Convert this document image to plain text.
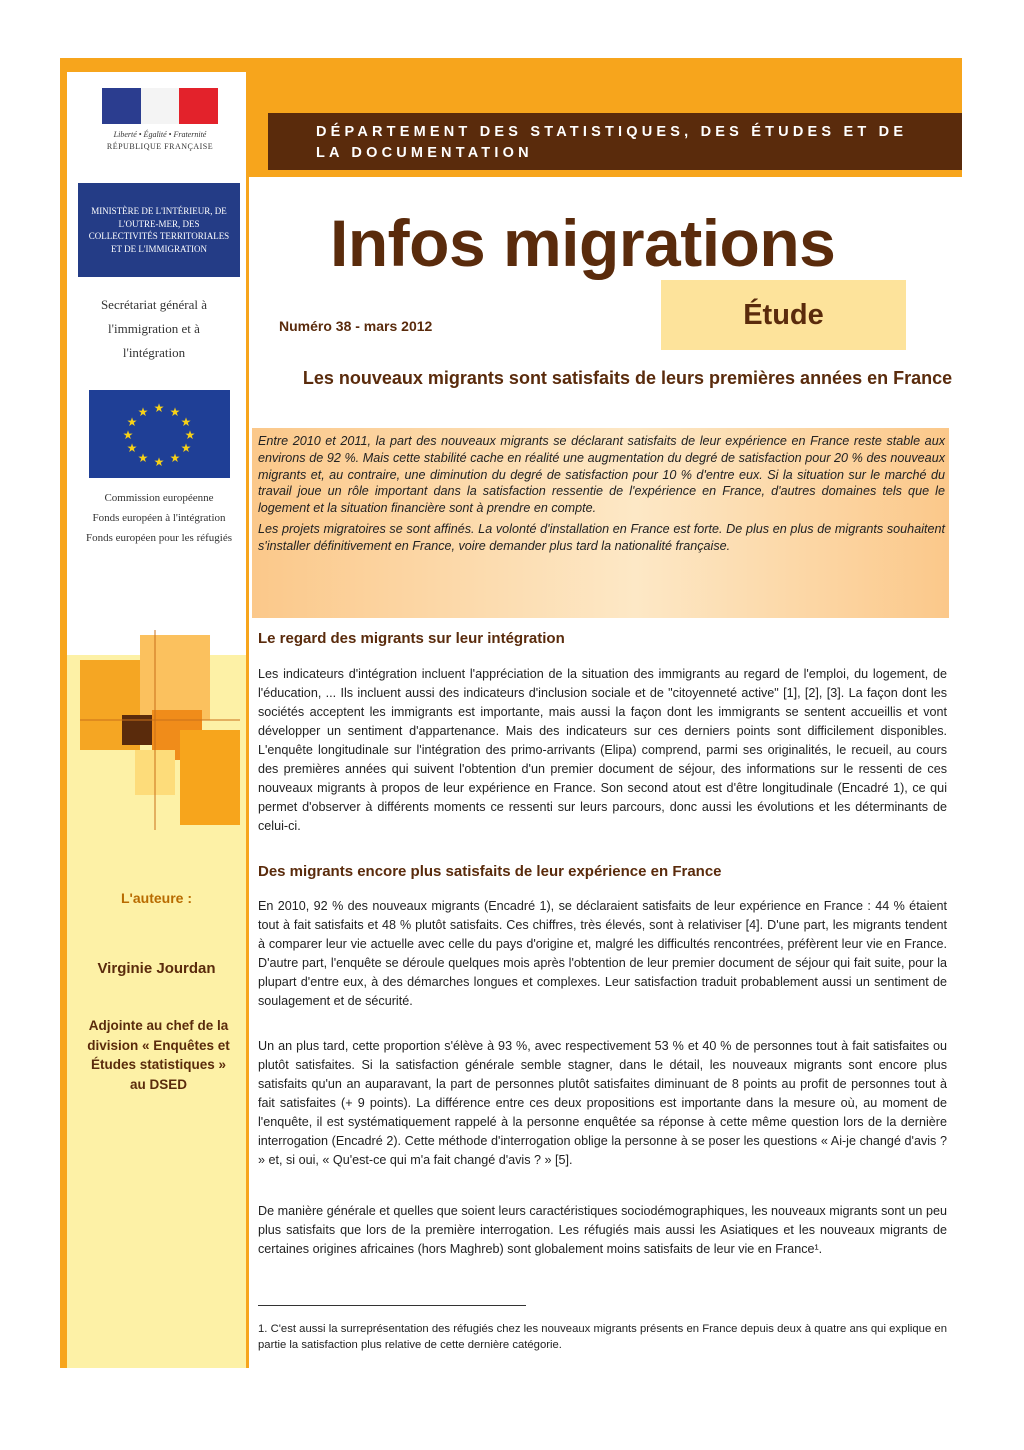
Liberté • Égalité • Fraternité
RÉPUBLIQUE FRANÇAISE
MINISTÈRE DE L'INTÉRIEUR, DE L'OUTRE-MER, DES COLLECTIVITÉS TERRITORIALES ET DE L'IMMIGRATION
Secrétariat général à l'immigration et à l'intégration
★ ★
★
★
★
★
★
★
★
★
★
★
Commission européenne
Fonds européen à l'intégration
Fonds européen pour les réfugiés
L'auteure :
Virginie Jourdan
Adjointe au chef de la division « Enquêtes et Études statistiques » au DSED
DÉPARTEMENT DES STATISTIQUES, DES ÉTUDES ET DE LA DOCUMENTATION
Infos migrations
Numéro 38 - mars 2012	Étude
Les nouveaux migrants sont satisfaits de leurs premières années en France

Entre 2010 et 2011, la part des nouveaux migrants se déclarant satisfaits de leur expérience en France reste stable aux environs de 92 %. Mais cette stabilité cache en réalité une augmentation du degré de satisfaction pour 20 % des nouveaux migrants et, au contraire, une diminution du degré de satisfaction pour 10 % d'entre eux. Si la situation sur le marché du travail joue un rôle important dans la satisfaction ressentie de l'expérience en France, d'autres domaines tels que le logement et la situation financière sont à prendre en compte.

Les projets migratoires se sont affinés. La volonté d'installation en France est forte. De plus en plus de migrants souhaitent s'installer définitivement en France, voire demander plus tard la nationalité française.

Le regard des migrants sur leur intégration

Les indicateurs d'intégration incluent l'appréciation de la situation des immigrants au regard de l'emploi, du logement, de l'éducation, ... Ils incluent aussi des indicateurs d'inclusion sociale et de "citoyenneté active" [1], [2], [3]. La façon dont les sociétés acceptent les immigrants est importante, mais aussi la façon dont les immigrants se sentent accueillis et vont développer un sentiment d'appartenance. Mais des indicateurs sur ces derniers points sont difficilement disponibles. L'enquête longitudinale sur l'intégration des primo-arrivants (Elipa) comprend, parmi ses originalités, le recueil, au cours des premières années qui suivent l'obtention d'un premier document de séjour, des informations sur le ressenti de ces nouveaux migrants à propos de leur expérience en France. Son second atout est d'être longitudinale (Encadré 1), ce qui permet d'observer à différents moments ce ressenti sur leurs parcours, donc aussi les évolutions et les déterminants de celui-ci.

Des migrants encore plus satisfaits de leur expérience en France

En 2010, 92 % des nouveaux migrants (Encadré 1), se déclaraient satisfaits de leur expérience en France : 44 % étaient tout à fait satisfaits et 48 % plutôt satisfaits. Ces chiffres, très élevés, sont à relativiser [4]. D'une part, les migrants tendent à comparer leur vie actuelle avec celle du pays d'origine et, malgré les difficultés rencontrées, préfèrent leur vie en France. D'autre part, l'enquête se déroule quelques mois après l'obtention de leur premier document de séjour qui fait suite, pour la plupart d'entre eux, à des démarches longues et complexes. Leur satisfaction traduit probablement aussi un sentiment de soulagement et de sécurité.

Un an plus tard, cette proportion s'élève à 93 %, avec respectivement 53 % et 40 % de personnes tout à fait satisfaites ou plutôt satisfaites. Si la satisfaction générale semble stagner, dans le détail, les nouveaux migrants sont encore plus satisfaits qu'un an auparavant, la part de personnes plutôt satisfaites diminuant de 8 points au profit de personnes tout à fait satisfaites (+ 9 points). La différence entre ces deux propositions est importante dans la mesure où, au moment de l'enquête, il est systématiquement rappelé à la personne enquêtée sa réponse à cette même question lors de la dernière interrogation (Encadré 2). Cette méthode d'interrogation oblige la personne à se poser les questions « Ai-je changé d'avis ? » et, si oui, « Qu'est-ce qui m'a fait changé d'avis ? » [5].

De manière générale et quelles que soient leurs caractéristiques sociodémographiques, les nouveaux migrants sont un peu plus satisfaits que lors de la première interrogation. Les réfugiés mais aussi les Asiatiques et les nouveaux migrants de certaines origines africaines (hors Maghreb) sont globalement moins satisfaits de leur vie en France¹.

1. C'est aussi la surreprésentation des réfugiés chez les nouveaux migrants présents en France depuis deux à quatre ans qui explique en partie la satisfaction plus relative de cette dernière catégorie.
